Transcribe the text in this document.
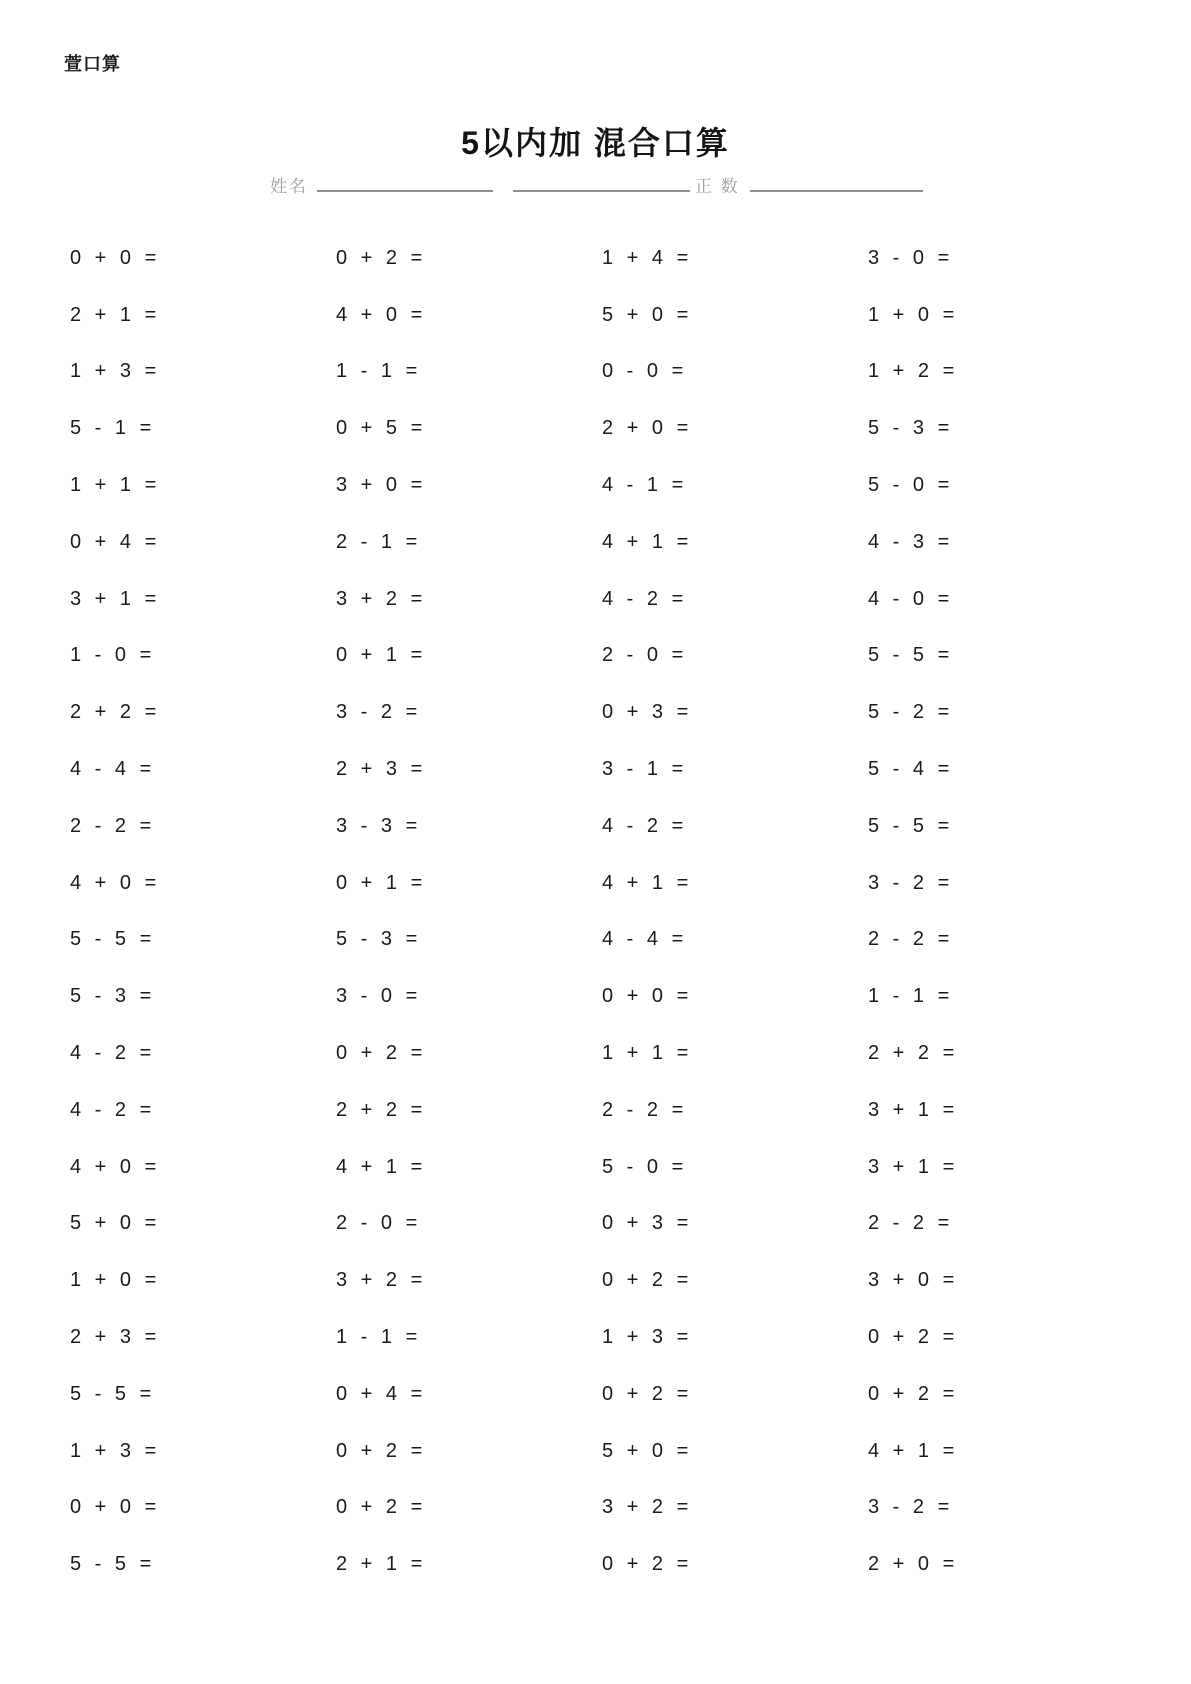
萱口算
5以内加 混合口算
姓名	正 数
0 + 0 =	0 + 2 =	1 + 4 =	3 - 0 =
2 + 1 =	4 + 0 =	5 + 0 =	1 + 0 =
1 + 3 =	1 - 1 =	0 - 0 =	1 + 2 =
5 - 1 =	0 + 5 =	2 + 0 =	5 - 3 =
1 + 1 =	3 + 0 =	4 - 1 =	5 - 0 =
0 + 4 =	2 - 1 =	4 + 1 =	4 - 3 =
3 + 1 =	3 + 2 =	4 - 2 =	4 - 0 =
1 - 0 =	0 + 1 =	2 - 0 =	5 - 5 =
2 + 2 =	3 - 2 =	0 + 3 =	5 - 2 =
4 - 4 =	2 + 3 =	3 - 1 =	5 - 4 =
2 - 2 =	3 - 3 =	4 - 2 =	5 - 5 =
4 + 0 =	0 + 1 =	4 + 1 =	3 - 2 =
5 - 5 =	5 - 3 =	4 - 4 =	2 - 2 =
5 - 3 =	3 - 0 =	0 + 0 =	1 - 1 =
4 - 2 =	0 + 2 =	1 + 1 =	2 + 2 =
4 - 2 =	2 + 2 =	2 - 2 =	3 + 1 =
4 + 0 =	4 + 1 =	5 - 0 =	3 + 1 =
5 + 0 =	2 - 0 =	0 + 3 =	2 - 2 =
1 + 0 =	3 + 2 =	0 + 2 =	3 + 0 =
2 + 3 =	1 - 1 =	1 + 3 =	0 + 2 =
5 - 5 =	0 + 4 =	0 + 2 =	0 + 2 =
1 + 3 =	0 + 2 =	5 + 0 =	4 + 1 =
0 + 0 =	0 + 2 =	3 + 2 =	3 - 2 =
5 - 5 =	2 + 1 =	0 + 2 =	2 + 0 =
